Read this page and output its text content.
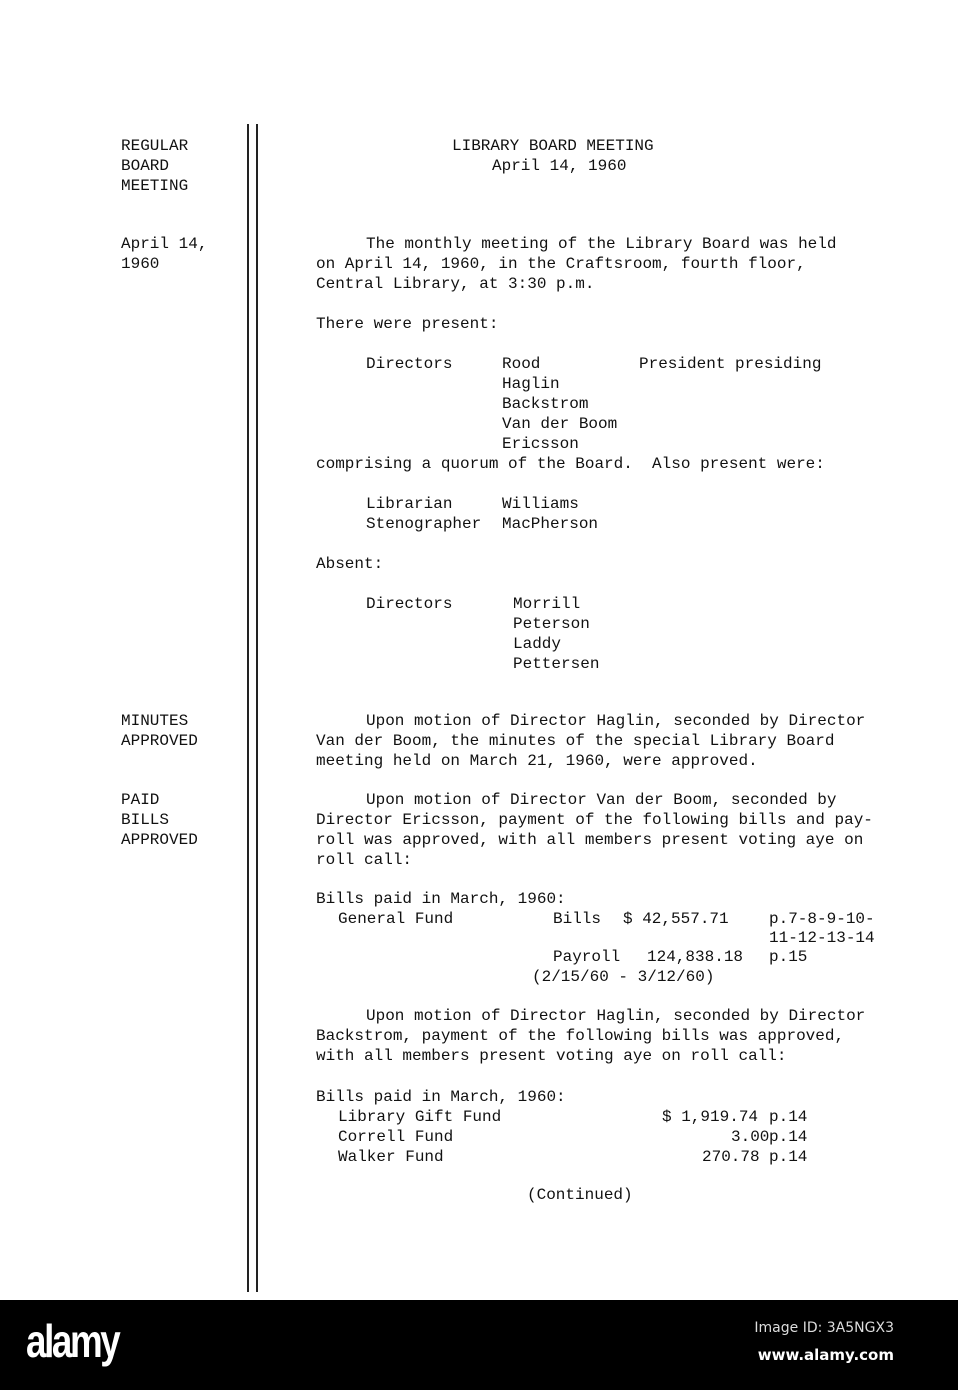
REGULAR
BOARD
MEETING
April 14,
1960
MINUTES
APPROVED
PAID
BILLS
APPROVED
LIBRARY BOARD MEETING
April 14, 1960
The monthly meeting of the Library Board was held
on April 14, 1960, in the Craftsroom, fourth floor,
Central Library, at 3:30 p.m.
There were present:
Directors	Rood	President presiding
Haglin
Backstrom
Van der Boom
Ericsson
comprising a quorum of the Board.  Also present were:
Librarian	Williams
Stenographer MacPherson
Absent:
Directors	Morrill
Peterson
Laddy
Pettersen
Upon motion of Director Haglin, seconded by Director
Van der Boom, the minutes of the special Library Board
meeting held on March 21, 1960, were approved.
Upon motion of Director Van der Boom, seconded by
Director Ericsson, payment of the following bills and pay-
roll was approved, with all members present voting aye on
roll call:
Bills paid in March, 1960:
General Fund	Bills $ 42,557.71	p.7-8-9-10-
11-12-13-14
Payroll 124,838.18 p.15
(2/15/60 - 3/12/60)
Upon motion of Director Haglin, seconded by Director
Backstrom, payment of the following bills was approved,
with all members present voting aye on roll call:
Bills paid in March, 1960:
Library Gift Fund	$ 1,919.74 p.14
Correll Fund	3.00 p.14
Walker Fund	270.78 p.14
(Continued)
alamy	Image ID: 3A5NGX3
www.alamy.com
